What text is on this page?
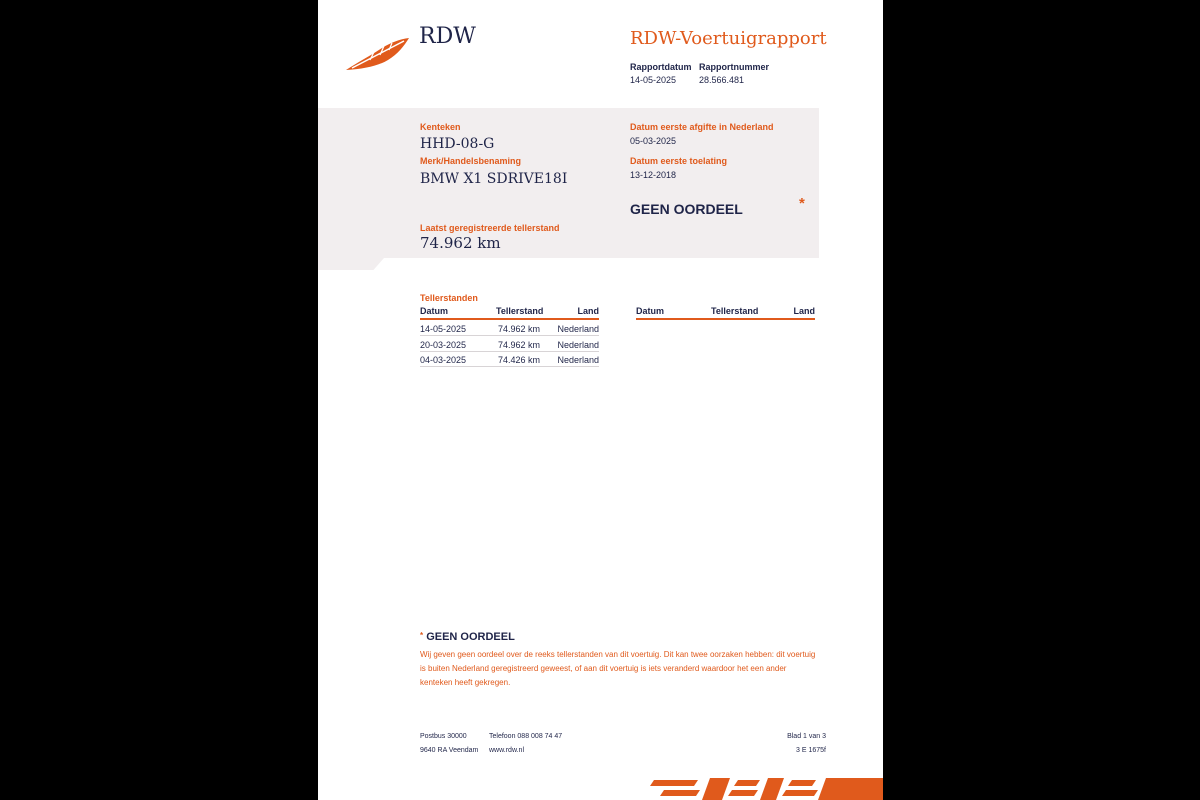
RDW	RDW-Voertuigrapport
Rapportdatum
14-05-2025
Rapportnummer
28.566.481
Kenteken
HHD-08-G
Merk/Handelsbenaming
BMW X1 SDRIVE18I
Laatst geregistreerde tellerstand
74.962 km
Datum eerste afgifte in Nederland
05-03-2025
Datum eerste toelating
13-12-2018
GEEN OORDEEL	*
Tellerstanden
Datum	Tellerstand	Land
14-05-2025	74.962 km Nederland
20-03-2025	74.962 km Nederland
04-03-2025	74.426 km Nederland
Datum	Tellerstand	Land
* GEEN OORDEEL
Wij geven geen oordeel over de reeks tellerstanden van dit voertuig. Dit kan twee oorzaken hebben: dit voertuig is buiten Nederland geregistreerd geweest, of aan dit voertuig is iets veranderd waardoor het een ander kenteken heeft gekregen.
Postbus 30000
9640 RA Veendam
Telefoon 088 008 74 47
www.rdw.nl
Blad 1 van 3
3 E 1675f
